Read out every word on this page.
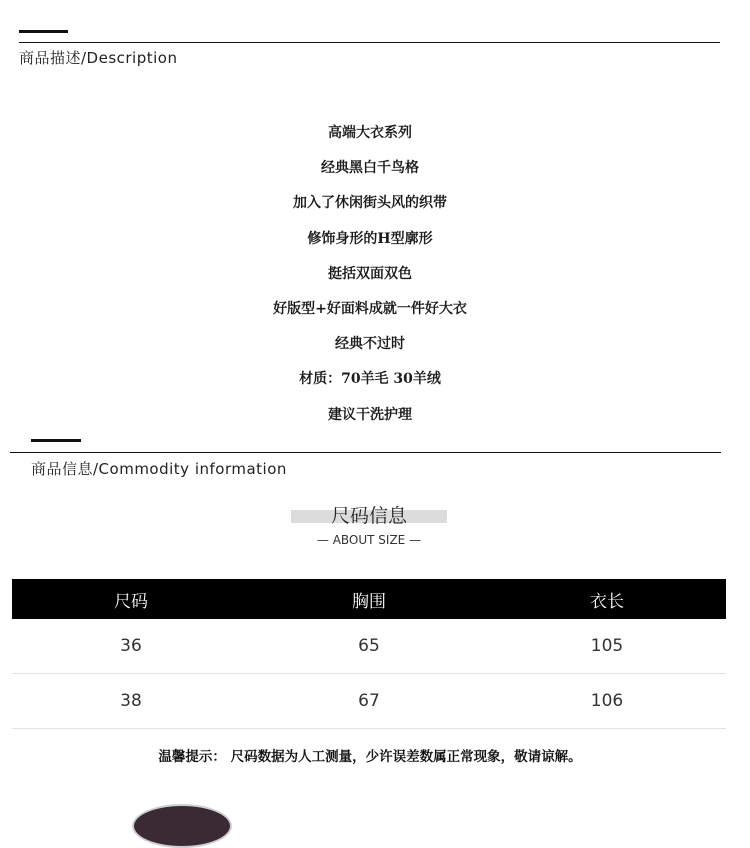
商品描述/Description
高端大衣系列
经典黑白千鸟格
加入了休闲街头风的织带
修饰身形的H型廓形
挺括双面双色
好版型+好面料成就一件好大衣
经典不过时
材质：70羊毛 30羊绒
建议干洗护理
商品信息/Commodity information
尺码信息
— ABOUT SIZE —
尺码	胸围	衣长
36	65	105
38	67	106
温馨提示： 尺码数据为人工测量，少许误差数属正常现象，敬请谅解。
